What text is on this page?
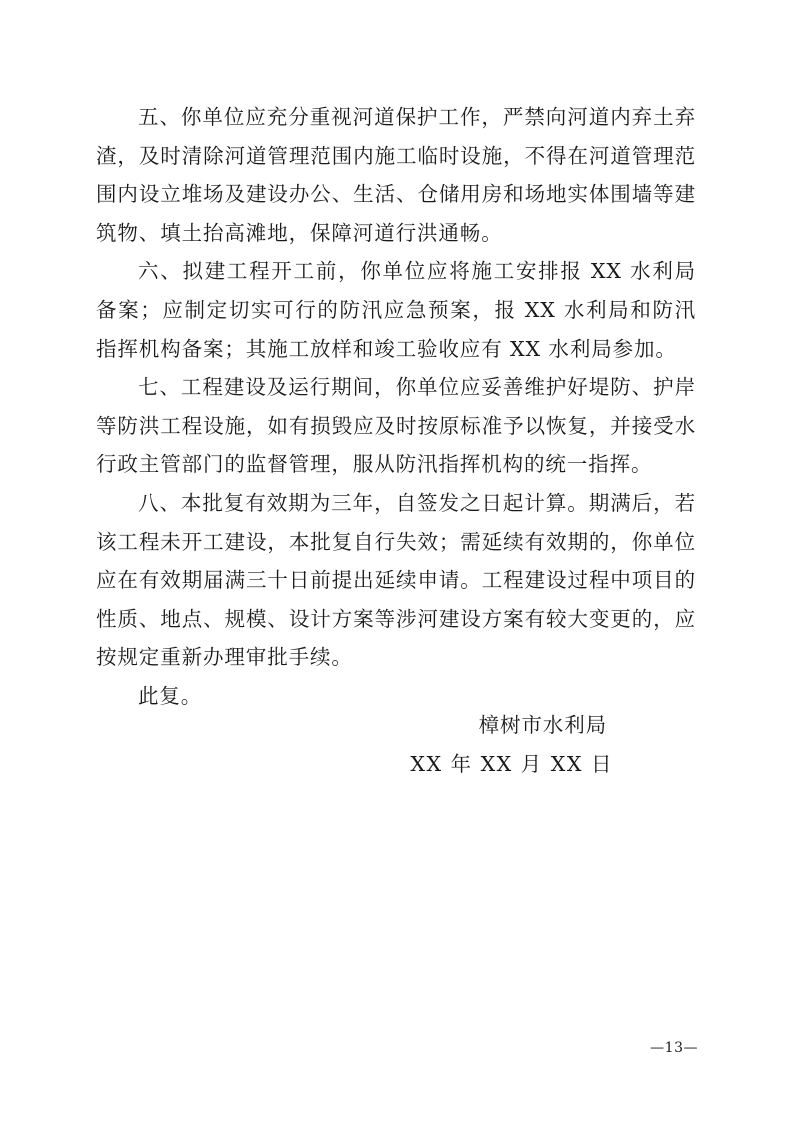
五、你单位应充分重视河道保护工作，严禁向河道内弃土弃渣，及时清除河道管理范围内施工临时设施，不得在河道管理范围内设立堆场及建设办公、生活、仓储用房和场地实体围墙等建筑物、填土抬高滩地，保障河道行洪通畅。

六、拟建工程开工前，你单位应将施工安排报 XX 水利局备案；应制定切实可行的防汛应急预案，报 XX 水利局和防汛指挥机构备案；其施工放样和竣工验收应有 XX 水利局参加。

七、工程建设及运行期间，你单位应妥善维护好堤防、护岸等防洪工程设施，如有损毁应及时按原标准予以恢复，并接受水行政主管部门的监督管理，服从防汛指挥机构的统一指挥。

八、本批复有效期为三年，自签发之日起计算。期满后，若该工程未开工建设，本批复自行失效；需延续有效期的，你单位应在有效期届满三十日前提出延续申请。工程建设过程中项目的性质、地点、规模、设计方案等涉河建设方案有较大变更的，应按规定重新办理审批手续。

此复。

樟树市水利局
XX 年 XX 月 XX 日
—13—
